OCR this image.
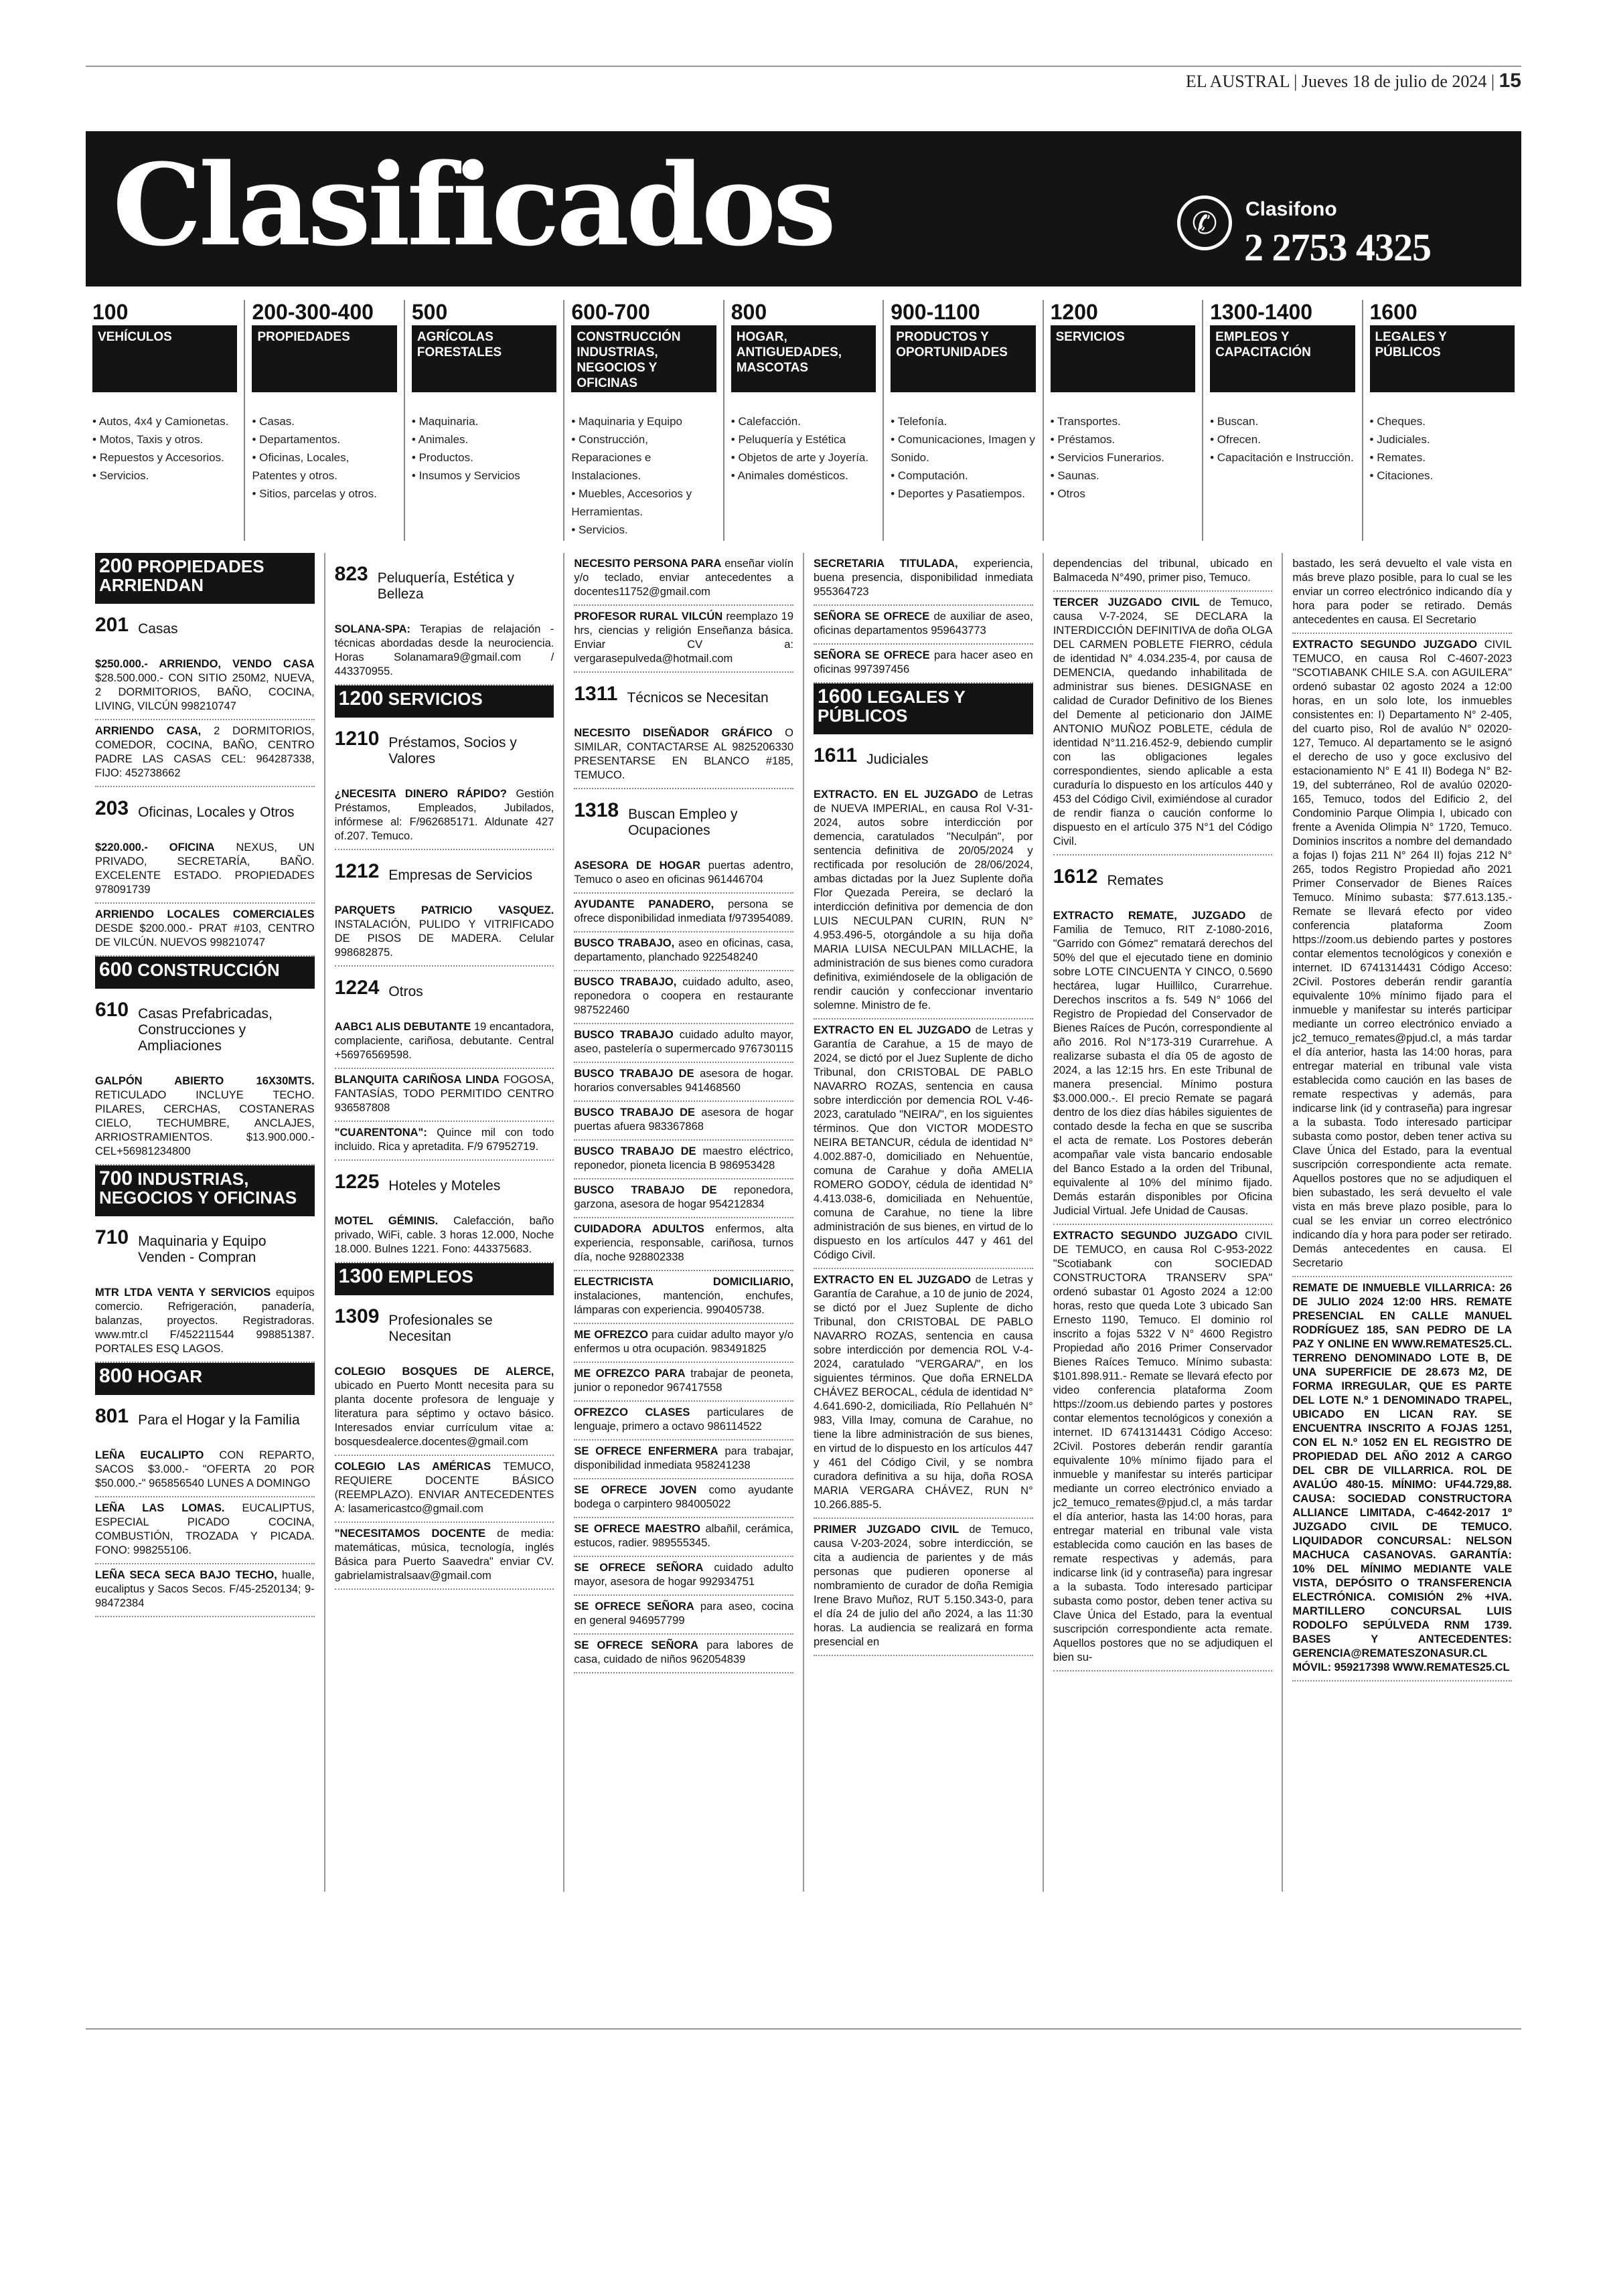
EL AUSTRAL | Jueves 18 de julio de 2024 | 15
Clasificados	✆	Clasifono
2 2753 4325
100
VEHÍCULOS
• Autos, 4x4 y Camionetas.
• Motos, Taxis y otros.
• Repuestos y Accesorios.
• Servicios.
200-300-400
PROPIEDADES
• Casas.
• Departamentos.
• Oficinas, Locales, Patentes y otros.
• Sitios, parcelas y otros.
500
AGRÍCOLAS FORESTALES
• Maquinaria.
• Animales.
• Productos.
• Insumos y Servicios
600-700
CONSTRUCCIÓN INDUSTRIAS, NEGOCIOS Y OFICINAS
• Maquinaria y Equipo
• Construcción, Reparaciones e Instalaciones.
• Muebles, Accesorios y Herramientas.
• Servicios.
800
HOGAR, ANTIGUEDADES, MASCOTAS
• Calefacción.
• Peluquería y Estética
• Objetos de arte y Joyería.
• Animales domésticos.
900-1100
PRODUCTOS Y OPORTUNIDADES
• Telefonía.
• Comunicaciones, Imagen y Sonido.
• Computación.
• Deportes y Pasatiempos.
1200
SERVICIOS
• Transportes.
• Préstamos.
• Servicios Funerarios.
• Saunas.
• Otros
1300-1400
EMPLEOS Y CAPACITACIÓN
• Buscan.
• Ofrecen.
• Capacitación e Instrucción.
1600
LEGALES Y PÚBLICOS
• Cheques.
• Judiciales.
• Remates.
• Citaciones.
200 PROPIEDADES ARRIENDAN
201 Casas
$250.000.- ARRIENDO, VENDO CASA $28.500.000.- CON SITIO 250M2, NUEVA, 2 DORMITORIOS, BAÑO, COCINA, LIVING, VILCÚN 998210747
ARRIENDO CASA, 2 DORMITORIOS, COMEDOR, COCINA, BAÑO, CENTRO PADRE LAS CASAS CEL: 964287338, FIJO: 452738662
203 Oficinas, Locales y Otros
$220.000.- OFICINA NEXUS, UN PRIVADO, SECRETARÍA, BAÑO. EXCELENTE ESTADO. PROPIEDADES 978091739
ARRIENDO LOCALES COMERCIALES DESDE $200.000.- PRAT #103, CENTRO DE VILCÚN. NUEVOS 998210747
600 CONSTRUCCIÓN
610 Casas Prefabricadas, Construcciones y Ampliaciones
GALPÓN ABIERTO 16X30MTS. RETICULADO INCLUYE TECHO. PILARES, CERCHAS, COSTANERAS CIELO, TECHUMBRE, ANCLAJES, ARRIOSTRAMIENTOS. $13.900.000.- CEL+56981234800
700 INDUSTRIAS, NEGOCIOS Y OFICINAS
710 Maquinaria y Equipo Venden - Compran
MTR LTDA VENTA Y SERVICIOS equipos comercio. Refrigeración, panadería, balanzas, proyectos. Registradoras. www.mtr.cl F/452211544 998851387. PORTALES ESQ LAGOS.
800 HOGAR
801 Para el Hogar y la Familia
LEÑA EUCALIPTO CON REPARTO, SACOS $3.000.- "OFERTA 20 POR $50.000.-" 965856540 LUNES A DOMINGO
LEÑA LAS LOMAS. EUCALIPTUS, ESPECIAL PICADO COCINA, COMBUSTIÓN, TROZADA Y PICADA. FONO: 998255106.
LEÑA SECA SECA BAJO TECHO, hualle, eucaliptus y Sacos Secos. F/45-2520134; 9-98472384
823 Peluquería, Estética y Belleza
SOLANA-SPA: Terapias de relajación - técnicas abordadas desde la neurociencia. Horas Solanamara9@gmail.com / 443370955.
1200 SERVICIOS
1210 Préstamos, Socios y Valores
¿NECESITA DINERO RÁPIDO? Gestión Préstamos, Empleados, Jubilados, infórmese al: F/962685171. Aldunate 427 of.207. Temuco.
1212 Empresas de Servicios
PARQUETS PATRICIO VASQUEZ. INSTALACIÓN, PULIDO Y VITRIFICADO DE PISOS DE MADERA. Celular 998682875.
1224 Otros
AABC1 ALIS DEBUTANTE 19 encantadora, complaciente, cariñosa, debutante. Central +56976569598.
BLANQUITA CARIÑOSA LINDA FOGOSA, FANTASÍAS, TODO PERMITIDO CENTRO 936587808
"CUARENTONA": Quince mil con todo incluido. Rica y apretadita. F/9 67952719.
1225 Hoteles y Moteles
MOTEL GÉMINIS. Calefacción, baño privado, WiFi, cable. 3 horas 12.000, Noche 18.000. Bulnes 1221. Fono: 443375683.
1300 EMPLEOS
1309 Profesionales se Necesitan
COLEGIO BOSQUES DE ALERCE, ubicado en Puerto Montt necesita para su planta docente profesora de lenguaje y literatura para séptimo y octavo básico. Interesados enviar currículum vitae a: bosquesdealerce.docentes@gmail.com
COLEGIO LAS AMÉRICAS TEMUCO, REQUIERE DOCENTE BÁSICO (REEMPLAZO). ENVIAR ANTECEDENTES A: lasamericastco@gmail.com
"NECESITAMOS DOCENTE de media: matemáticas, música, tecnología, inglés Básica para Puerto Saavedra" enviar CV. gabrielamistralsaav@gmail.com
NECESITO PERSONA PARA enseñar violín y/o teclado, enviar antecedentes a docentes11752@gmail.com
PROFESOR RURAL VILCÚN reemplazo 19 hrs, ciencias y religión Enseñanza básica. Enviar CV a: vergarasepulveda@hotmail.com
1311 Técnicos se Necesitan
NECESITO DISEÑADOR GRÁFICO O SIMILAR, CONTACTARSE AL 9825206330 PRESENTARSE EN BLANCO #185, TEMUCO.
1318 Buscan Empleo y Ocupaciones
ASESORA DE HOGAR puertas adentro, Temuco o aseo en oficinas 961446704
AYUDANTE PANADERO, persona se ofrece disponibilidad inmediata f/973954089.
BUSCO TRABAJO, aseo en oficinas, casa, departamento, planchado 922548240
BUSCO TRABAJO, cuidado adulto, aseo, reponedora o coopera en restaurante 987522460
BUSCO TRABAJO cuidado adulto mayor, aseo, pastelería o supermercado 976730115
BUSCO TRABAJO DE asesora de hogar. horarios conversables 941468560
BUSCO TRABAJO DE asesora de hogar puertas afuera 983367868
BUSCO TRABAJO DE maestro eléctrico, reponedor, pioneta licencia B 986953428
BUSCO TRABAJO DE reponedora, garzona, asesora de hogar 954212834
CUIDADORA ADULTOS enfermos, alta experiencia, responsable, cariñosa, turnos día, noche 928802338
ELECTRICISTA DOMICILIARIO, instalaciones, mantención, enchufes, lámparas con experiencia. 990405738.
ME OFREZCO para cuidar adulto mayor y/o enfermos u otra ocupación. 983491825
ME OFREZCO PARA trabajar de peoneta, junior o reponedor 967417558
OFREZCO CLASES particulares de lenguaje, primero a octavo 986114522
SE OFRECE ENFERMERA para trabajar, disponibilidad inmediata 958241238
SE OFRECE JOVEN como ayudante bodega o carpintero 984005022
SE OFRECE MAESTRO albañil, cerámica, estucos, radier. 989555345.
SE OFRECE SEÑORA cuidado adulto mayor, asesora de hogar 992934751
SE OFRECE SEÑORA para aseo, cocina en general 946957799
SE OFRECE SEÑORA para labores de casa, cuidado de niños 962054839
SECRETARIA TITULADA, experiencia, buena presencia, disponibilidad inmediata 955364723
SEÑORA SE OFRECE de auxiliar de aseo, oficinas departamentos 959643773
SEÑORA SE OFRECE para hacer aseo en oficinas 997397456
1600 LEGALES Y PÚBLICOS
1611 Judiciales
EXTRACTO. EN EL JUZGADO de Letras de NUEVA IMPERIAL, en causa Rol V-31-2024, autos sobre interdicción por demencia, caratulados "Neculpán", por sentencia definitiva de 20/05/2024 y rectificada por resolución de 28/06/2024, ambas dictadas por la Juez Suplente doña Flor Quezada Pereira, se declaró la interdicción definitiva por demencia de don LUIS NECULPAN CURIN, RUN N° 4.953.496-5, otorgándole a su hija doña MARIA LUISA NECULPAN MILLACHE, la administración de sus bienes como curadora definitiva, eximiéndosele de la obligación de rendir caución y confeccionar inventario solemne. Ministro de fe.
EXTRACTO EN EL JUZGADO de Letras y Garantía de Carahue, a 15 de mayo de 2024, se dictó por el Juez Suplente de dicho Tribunal, don CRISTOBAL DE PABLO NAVARRO ROZAS, sentencia en causa sobre interdicción por demencia ROL V-46-2023, caratulado "NEIRA/", en los siguientes términos. Que don VICTOR MODESTO NEIRA BETANCUR, cédula de identidad N° 4.002.887-0, domiciliado en Nehuentúe, comuna de Carahue y doña AMELIA ROMERO GODOY, cédula de identidad N° 4.413.038-6, domiciliada en Nehuentúe, comuna de Carahue, no tiene la libre administración de sus bienes, en virtud de lo dispuesto en los artículos 447 y 461 del Código Civil.
EXTRACTO EN EL JUZGADO de Letras y Garantía de Carahue, a 10 de junio de 2024, se dictó por el Juez Suplente de dicho Tribunal, don CRISTOBAL DE PABLO NAVARRO ROZAS, sentencia en causa sobre interdicción por demencia ROL V-4-2024, caratulado "VERGARA/", en los siguientes términos. Que doña ERNELDA CHÁVEZ BEROCAL, cédula de identidad N° 4.641.690-2, domiciliada, Río Pellahuén N° 983, Villa Imay, comuna de Carahue, no tiene la libre administración de sus bienes, en virtud de lo dispuesto en los artículos 447 y 461 del Código Civil, y se nombra curadora definitiva a su hija, doña ROSA MARIA VERGARA CHÁVEZ, RUN N° 10.266.885-5.
PRIMER JUZGADO CIVIL de Temuco, causa V-203-2024, sobre interdicción, se cita a audiencia de parientes y de más personas que pudieren oponerse al nombramiento de curador de doña Remigia Irene Bravo Muñoz, RUT 5.150.343-0, para el día 24 de julio del año 2024, a las 11:30 horas. La audiencia se realizará en forma presencial en
dependencias del tribunal, ubicado en Balmaceda N°490, primer piso, Temuco.
TERCER JUZGADO CIVIL de Temuco, causa V-7-2024, SE DECLARA la INTERDICCIÓN DEFINITIVA de doña OLGA DEL CARMEN POBLETE FIERRO, cédula de identidad N° 4.034.235-4, por causa de DEMENCIA, quedando inhabilitada de administrar sus bienes. DESIGNASE en calidad de Curador Definitivo de los Bienes del Demente al peticionario don JAIME ANTONIO MUÑOZ POBLETE, cédula de identidad N°11.216.452-9, debiendo cumplir con las obligaciones legales correspondientes, siendo aplicable a esta curaduría lo dispuesto en los artículos 440 y 453 del Código Civil, eximiéndose al curador de rendir fianza o caución conforme lo dispuesto en el artículo 375 N°1 del Código Civil.
1612 Remates
EXTRACTO REMATE, JUZGADO de Familia de Temuco, RIT Z-1080-2016, "Garrido con Gómez" rematará derechos del 50% del que el ejecutado tiene en dominio sobre LOTE CINCUENTA Y CINCO, 0.5690 hectárea, lugar Huillilco, Curarrehue. Derechos inscritos a fs. 549 N° 1066 del Registro de Propiedad del Conservador de Bienes Raíces de Pucón, correspondiente al año 2016. Rol N°173-319 Curarrehue. A realizarse subasta el día 05 de agosto de 2024, a las 12:15 hrs. En este Tribunal de manera presencial. Mínimo postura $3.000.000.-. El precio Remate se pagará dentro de los diez días hábiles siguientes de contado desde la fecha en que se suscriba el acta de remate. Los Postores deberán acompañar vale vista bancario endosable del Banco Estado a la orden del Tribunal, equivalente al 10% del mínimo fijado. Demás estarán disponibles por Oficina Judicial Virtual. Jefe Unidad de Causas.
EXTRACTO SEGUNDO JUZGADO CIVIL DE TEMUCO, en causa Rol C-953-2022 "Scotiabank con SOCIEDAD CONSTRUCTORA TRANSERV SPA" ordenó subastar 01 Agosto 2024 a 12:00 horas, resto que queda Lote 3 ubicado San Ernesto 1190, Temuco. El dominio rol inscrito a fojas 5322 V N° 4600 Registro Propiedad año 2016 Primer Conservador Bienes Raíces Temuco. Mínimo subasta: $101.898.911.- Remate se llevará efecto por video conferencia plataforma Zoom https://zoom.us debiendo partes y postores contar elementos tecnológicos y conexión a internet. ID 6741314431 Código Acceso: 2Civil. Postores deberán rendir garantía equivalente 10% mínimo fijado para el inmueble y manifestar su interés participar mediante un correo electrónico enviado a jc2_temuco_remates@pjud.cl, a más tardar el día anterior, hasta las 14:00 horas, para entregar material en tribunal vale vista establecida como caución en las bases de remate respectivas y además, para indicarse link (id y contraseña) para ingresar a la subasta. Todo interesado participar subasta como postor, deben tener activa su Clave Única del Estado, para la eventual suscripción correspondiente acta remate. Aquellos postores que no se adjudiquen el bien su-
bastado, les será devuelto el vale vista en más breve plazo posible, para lo cual se les enviar un correo electrónico indicando día y hora para poder se retirado. Demás antecedentes en causa. El Secretario
EXTRACTO SEGUNDO JUZGADO CIVIL TEMUCO, en causa Rol C-4607-2023 "SCOTIABANK CHILE S.A. con AGUILERA" ordenó subastar 02 agosto 2024 a 12:00 horas, en un solo lote, los inmuebles consistentes en: I) Departamento N° 2-405, del cuarto piso, Rol de avalúo N° 02020-127, Temuco. Al departamento se le asignó el derecho de uso y goce exclusivo del estacionamiento N° E 41 II) Bodega N° B2-19, del subterráneo, Rol de avalúo 02020-165, Temuco, todos del Edificio 2, del Condominio Parque Olimpia I, ubicado con frente a Avenida Olimpia N° 1720, Temuco. Dominios inscritos a nombre del demandado a fojas I) fojas 211 N° 264 II) fojas 212 N° 265, todos Registro Propiedad año 2021 Primer Conservador de Bienes Raíces Temuco. Mínimo subasta: $77.613.135.- Remate se llevará efecto por video conferencia plataforma Zoom https://zoom.us debiendo partes y postores contar elementos tecnológicos y conexión e internet. ID 6741314431 Código Acceso: 2Civil. Postores deberán rendir garantía equivalente 10% mínimo fijado para el inmueble y manifestar su interés participar mediante un correo electrónico enviado a jc2_temuco_remates@pjud.cl, a más tardar el día anterior, hasta las 14:00 horas, para entregar material en tribunal vale vista establecida como caución en las bases de remate respectivas y además, para indicarse link (id y contraseña) para ingresar a la subasta. Todo interesado participar subasta como postor, deben tener activa su Clave Única del Estado, para la eventual suscripción correspondiente acta remate. Aquellos postores que no se adjudiquen el bien subastado, les será devuelto el vale vista en más breve plazo posible, para lo cual se les enviar un correo electrónico indicando día y hora para poder ser retirado. Demás antecedentes en causa. El Secretario
REMATE DE INMUEBLE VILLARRICA: 26 DE JULIO 2024 12:00 HRS. REMATE PRESENCIAL EN CALLE MANUEL RODRÍGUEZ 185, SAN PEDRO DE LA PAZ Y ONLINE EN WWW.REMATES25.CL. TERRENO DENOMINADO LOTE B, DE UNA SUPERFICIE DE 28.673 M2, DE FORMA IRREGULAR, QUE ES PARTE DEL LOTE N.º 1 DENOMINADO TRAPEL, UBICADO EN LICAN RAY. SE ENCUENTRA INSCRITO A FOJAS 1251, CON EL N.º 1052 EN EL REGISTRO DE PROPIEDAD DEL AÑO 2012 A CARGO DEL CBR DE VILLARRICA. ROL DE AVALÚO 480-15. MÍNIMO: UF44.729,88. CAUSA: SOCIEDAD CONSTRUCTORA ALLIANCE LIMITADA, C-4642-2017 1º JUZGADO CIVIL DE TEMUCO. LIQUIDADOR CONCURSAL: NELSON MACHUCA CASANOVAS. GARANTÍA: 10% DEL MÍNIMO MEDIANTE VALE VISTA, DEPÓSITO O TRANSFERENCIA ELECTRÓNICA. COMISIÓN 2% +IVA. MARTILLERO CONCURSAL LUIS RODOLFO SEPÚLVEDA RNM 1739. BASES Y ANTECEDENTES: GERENCIA@REMATESZONASUR.CL MÓVIL: 959217398 WWW.REMATES25.CL
